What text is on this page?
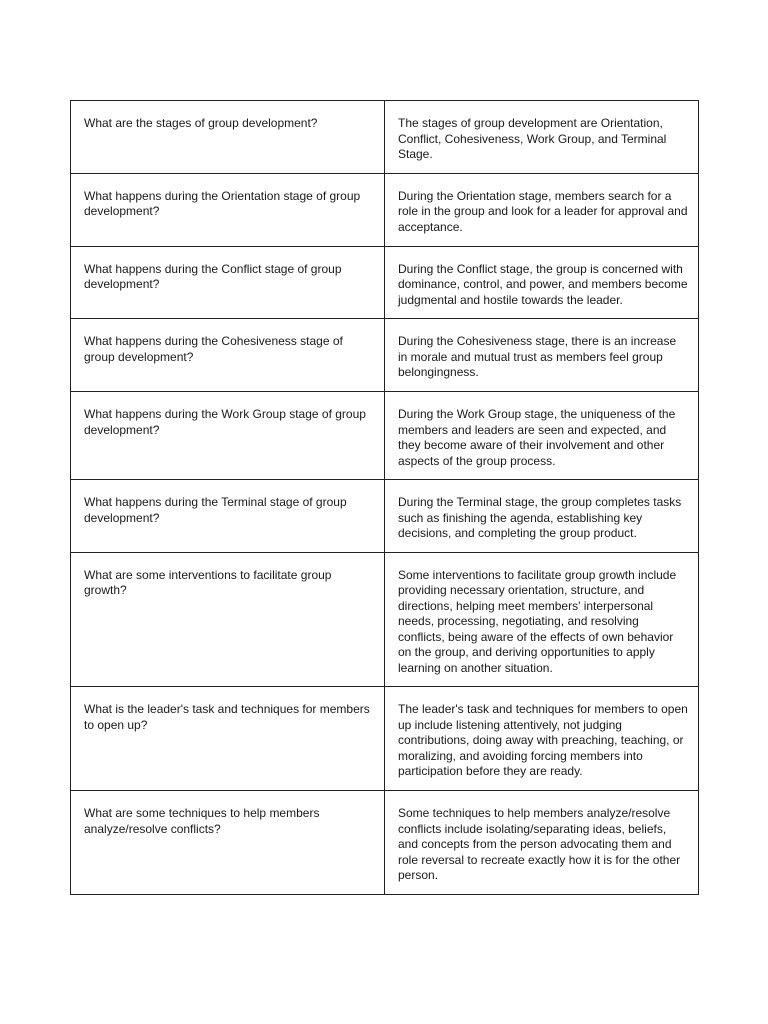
What are the stages of group development?	The stages of group development are Orientation, Conflict, Cohesiveness, Work Group, and Terminal Stage.
What happens during the Orientation stage of group development?	During the Orientation stage, members search for a role in the group and look for a leader for approval and acceptance.
What happens during the Conflict stage of group development?	During the Conflict stage, the group is concerned with dominance, control, and power, and members become judgmental and hostile towards the leader.
What happens during the Cohesiveness stage of group development?	During the Cohesiveness stage, there is an increase in morale and mutual trust as members feel group belongingness.
What happens during the Work Group stage of group development?	During the Work Group stage, the uniqueness of the members and leaders are seen and expected, and they become aware of their involvement and other aspects of the group process.
What happens during the Terminal stage of group development?	During the Terminal stage, the group completes tasks such as finishing the agenda, establishing key decisions, and completing the group product.
What are some interventions to facilitate group growth?	Some interventions to facilitate group growth include providing necessary orientation, structure, and directions, helping meet members' interpersonal needs, processing, negotiating, and resolving conflicts, being aware of the effects of own behavior on the group, and deriving opportunities to apply learning on another situation.
What is the leader's task and techniques for members to open up?	The leader's task and techniques for members to open up include listening attentively, not judging contributions, doing away with preaching, teaching, or moralizing, and avoiding forcing members into participation before they are ready.
What are some techniques to help members analyze/resolve conflicts?	Some techniques to help members analyze/resolve conflicts include isolating/separating ideas, beliefs, and concepts from the person advocating them and role reversal to recreate exactly how it is for the other person.
